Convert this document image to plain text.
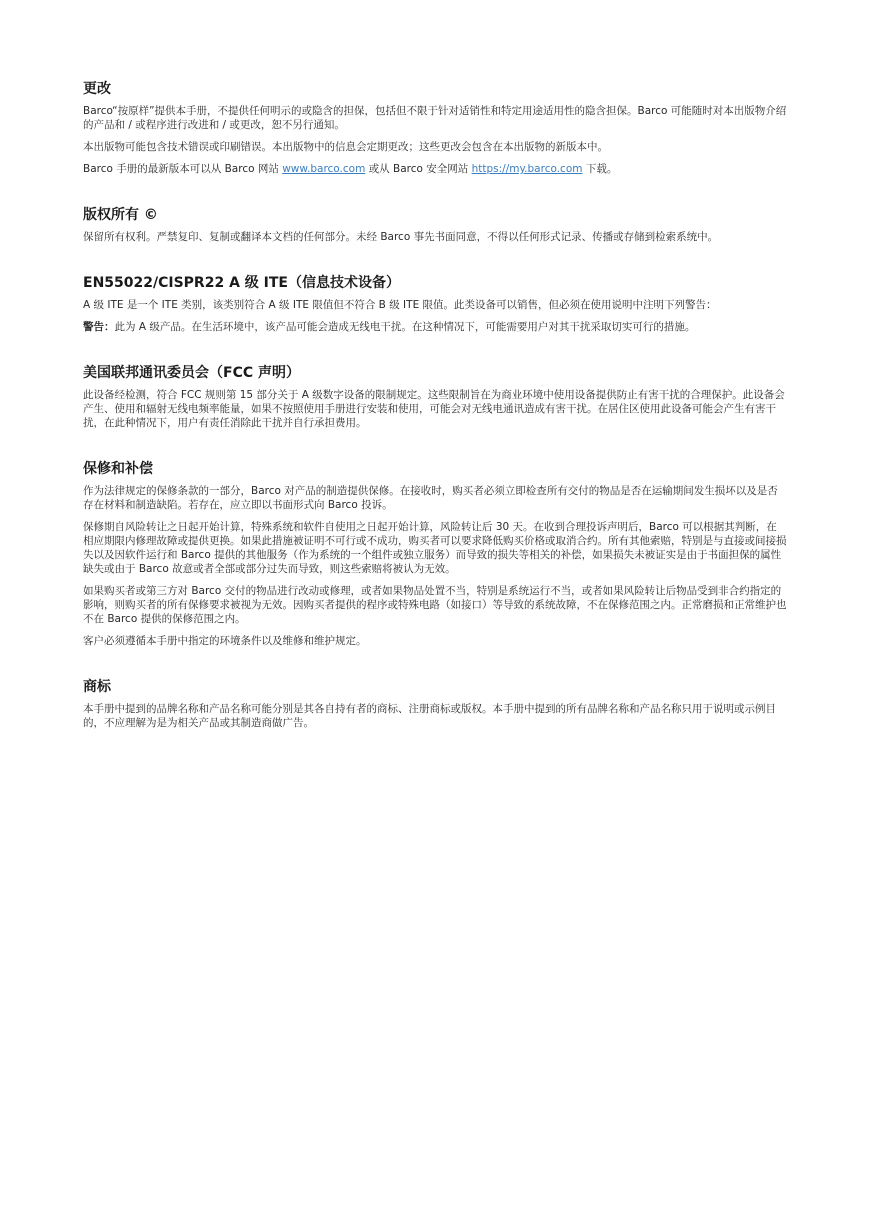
更改

Barco“按原样”提供本手册，不提供任何明示的或隐含的担保，包括但不限于针对适销性和特定用途适用性的隐含担保。Barco 可能随时对本出版物介绍的产品和 / 或程序进行改进和 / 或更改，恕不另行通知。

本出版物可能包含技术错误或印刷错误。本出版物中的信息会定期更改；这些更改会包含在本出版物的新版本中。

Barco 手册的最新版本可以从 Barco 网站 www.barco.com 或从 Barco 安全网站 https://my.barco.com 下载。

版权所有 ©

保留所有权利。严禁复印、复制或翻译本文档的任何部分。未经 Barco 事先书面同意，不得以任何形式记录、传播或存储到检索系统中。

EN55022/CISPR22 A 级 ITE（信息技术设备）

A 级 ITE 是一个 ITE 类别，该类别符合 A 级 ITE 限值但不符合 B 级 ITE 限值。此类设备可以销售，但必须在使用说明中注明下列警告：

警告：此为 A 级产品。在生活环境中，该产品可能会造成无线电干扰。在这种情况下，可能需要用户对其干扰采取切实可行的措施。

美国联邦通讯委员会（FCC 声明）

此设备经检测，符合 FCC 规则第 15 部分关于 A 级数字设备的限制规定。这些限制旨在为商业环境中使用设备提供防止有害干扰的合理保护。此设备会产生、使用和辐射无线电频率能量，如果不按照使用手册进行安装和使用，可能会对无线电通讯造成有害干扰。在居住区使用此设备可能会产生有害干扰，在此种情况下，用户有责任消除此干扰并自行承担费用。

保修和补偿

作为法律规定的保修条款的一部分，Barco 对产品的制造提供保修。在接收时，购买者必须立即检查所有交付的物品是否在运输期间发生损坏以及是否存在材料和制造缺陷。若存在，应立即以书面形式向 Barco 投诉。

保修期自风险转让之日起开始计算，特殊系统和软件自使用之日起开始计算，风险转让后 30 天。在收到合理投诉声明后，Barco 可以根据其判断，在相应期限内修理故障或提供更换。如果此措施被证明不可行或不成功，购买者可以要求降低购买价格或取消合约。所有其他索赔，特别是与直接或间接损失以及因软件运行和 Barco 提供的其他服务（作为系统的一个组件或独立服务）而导致的损失等相关的补偿，如果损失未被证实是由于书面担保的属性缺失或由于 Barco 故意或者全部或部分过失而导致，则这些索赔将被认为无效。

如果购买者或第三方对 Barco 交付的物品进行改动或修理，或者如果物品处置不当，特别是系统运行不当，或者如果风险转让后物品受到非合约指定的影响，则购买者的所有保修要求被视为无效。因购买者提供的程序或特殊电路（如接口）等导致的系统故障，不在保修范围之内。正常磨损和正常维护也不在 Barco 提供的保修范围之内。

客户必须遵循本手册中指定的环境条件以及维修和维护规定。

商标

本手册中提到的品牌名称和产品名称可能分别是其各自持有者的商标、注册商标或版权。本手册中提到的所有品牌名称和产品名称只用于说明或示例目的，不应理解为是为相关产品或其制造商做广告。
